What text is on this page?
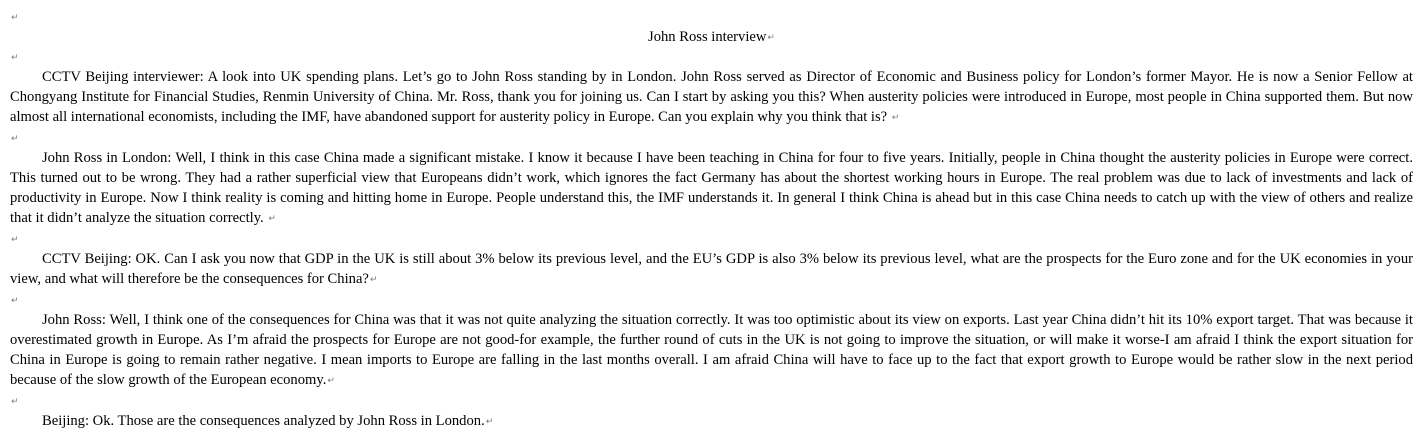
↵
John Ross interview↵
↵
CCTV Beijing interviewer: A look into UK spending plans. Let’s go to John Ross standing by in London. John Ross served as Director of Economic and Business policy for London’s former Mayor. He is now a Senior Fellow at Chongyang Institute for Financial Studies, Renmin University of China. Mr. Ross, thank you for joining us. Can I start by asking you this? When austerity policies were introduced in Europe, most people in China supported them. But now almost all international economists, including the IMF, have abandoned support for austerity policy in Europe. Can you explain why you think that is? ↵
↵
John Ross in London: Well, I think in this case China made a significant mistake. I know it because I have been teaching in China for four to five years. Initially, people in China thought the austerity policies in Europe were correct. This turned out to be wrong. They had a rather superficial view that Europeans didn’t work, which ignores the fact Germany has about the shortest working hours in Europe. The real problem was due to lack of investments and lack of productivity in Europe. Now I think reality is coming and hitting home in Europe. People understand this, the IMF understands it. In general I think China is ahead but in this case China needs to catch up with the view of others and realize that it didn’t analyze the situation correctly. ↵
↵
CCTV Beijing: OK. Can I ask you now that GDP in the UK is still about 3% below its previous level, and the EU’s GDP is also 3% below its previous level, what are the prospects for the Euro zone and for the UK economies in your view, and what will therefore be the consequences for China?↵
↵
John Ross: Well, I think one of the consequences for China was that it was not quite analyzing the situation correctly. It was too optimistic about its view on exports. Last year China didn’t hit its 10% export target. That was because it overestimated growth in Europe. As I’m afraid the prospects for Europe are not good-for example, the further round of cuts in the UK is not going to improve the situation, or will make it worse-I am afraid I think the export situation for China in Europe is going to remain rather negative. I mean imports to Europe are falling in the last months overall. I am afraid China will have to face up to the fact that export growth to Europe would be rather slow in the next period because of the slow growth of the European economy.↵
↵
Beijing: Ok. Those are the consequences analyzed by John Ross in London.↵
